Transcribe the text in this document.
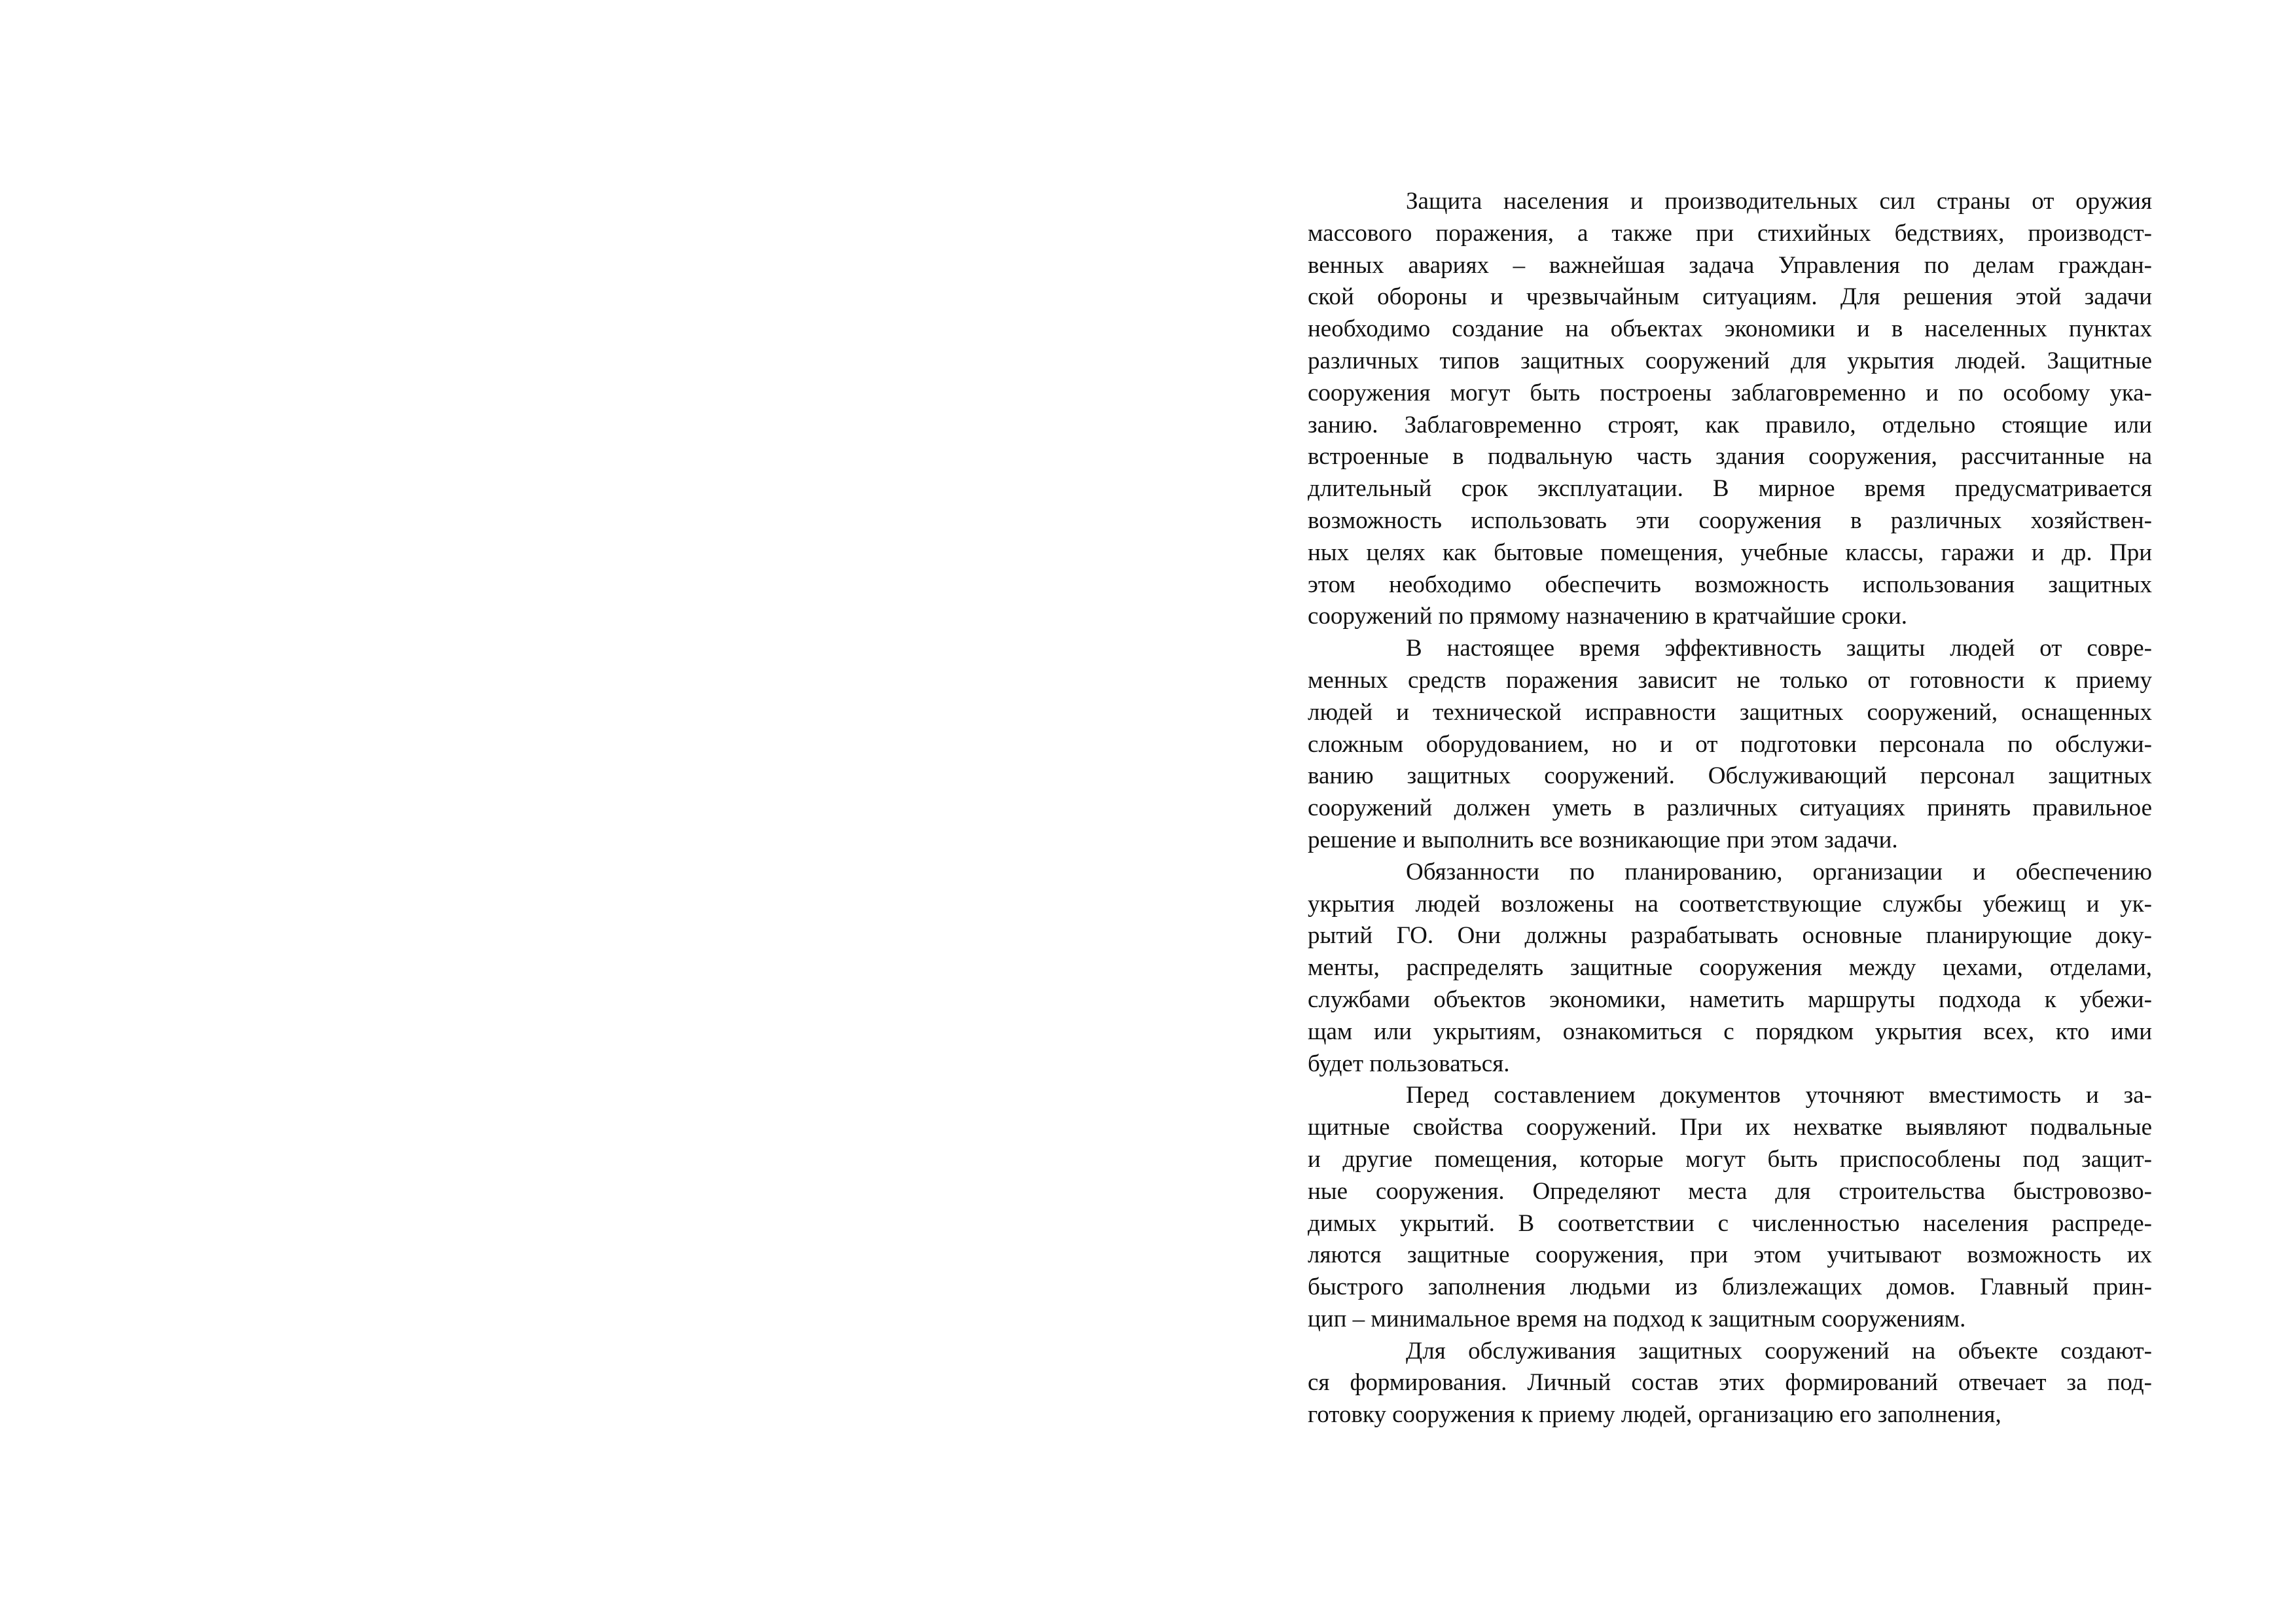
Защита населения и производительных сил страны от оружия
массового поражения, а также при стихийных бедствиях, производст-
венных авариях – важнейшая задача Управления по делам граждан-
ской обороны и чрезвычайным ситуациям. Для решения этой задачи
необходимо создание на объектах экономики и в населенных пунктах
различных типов защитных сооружений для укрытия людей. Защитные
сооружения могут быть построены заблаговременно и по особому ука-
занию. Заблаговременно строят, как правило, отдельно стоящие или
встроенные в подвальную часть здания сооружения, рассчитанные на
длительный срок эксплуатации. В мирное время предусматривается
возможность использовать эти сооружения в различных хозяйствен-
ных целях как бытовые помещения, учебные классы, гаражи и др. При
этом необходимо обеспечить возможность использования защитных
сооружений по прямому назначению в кратчайшие сроки.
В настоящее время эффективность защиты людей от совре-
менных средств поражения зависит не только от готовности к приему
людей и технической исправности защитных сооружений, оснащенных
сложным оборудованием, но и от подготовки персонала по обслужи-
ванию защитных сооружений. Обслуживающий персонал защитных
сооружений должен уметь в различных ситуациях принять правильное
решение и выполнить все возникающие при этом задачи.
Обязанности по планированию, организации и обеспечению
укрытия людей возложены на соответствующие службы убежищ и ук-
рытий ГО. Они должны разрабатывать основные планирующие доку-
менты, распределять защитные сооружения между цехами, отделами,
службами объектов экономики, наметить маршруты подхода к убежи-
щам или укрытиям, ознакомиться с порядком укрытия всех, кто ими
будет пользоваться.
Перед составлением документов уточняют вместимость и за-
щитные свойства сооружений. При их нехватке выявляют подвальные
и другие помещения, которые могут быть приспособлены под защит-
ные сооружения. Определяют места для строительства быстровозво-
димых укрытий. В соответствии с численностью населения распреде-
ляются защитные сооружения, при этом учитывают возможность их
быстрого заполнения людьми из близлежащих домов. Главный прин-
цип – минимальное время на подход к защитным сооружениям.
Для обслуживания защитных сооружений на объекте создают-
ся формирования. Личный состав этих формирований отвечает за под-
готовку сооружения к приему людей, организацию его заполнения,
